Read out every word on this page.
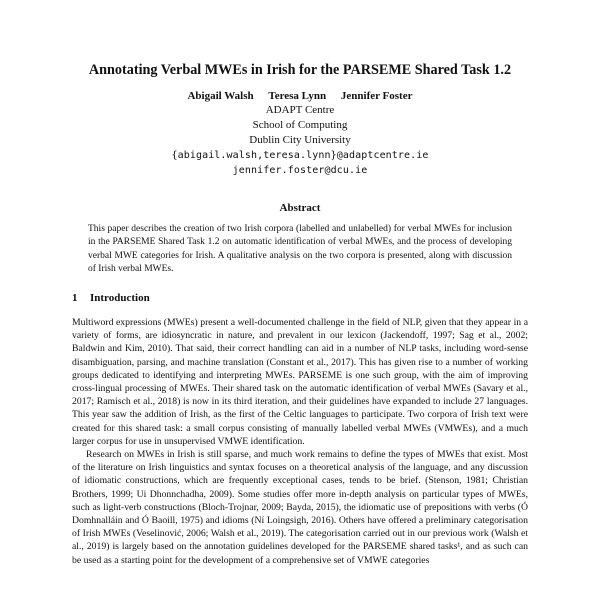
Annotating Verbal MWEs in Irish for the PARSEME Shared Task 1.2
Abigail Walsh Teresa Lynn Jennifer Foster
ADAPT Centre
School of Computing
Dublin City University
{abigail.walsh,teresa.lynn}@adaptcentre.ie
jennifer.foster@dcu.ie
Abstract
This paper describes the creation of two Irish corpora (labelled and unlabelled) for verbal MWEs for inclusion in the PARSEME Shared Task 1.2 on automatic identification of verbal MWEs, and the process of developing verbal MWE categories for Irish. A qualitative analysis on the two corpora is presented, along with discussion of Irish verbal MWEs.
1 Introduction

Multiword expressions (MWEs) present a well-documented challenge in the field of NLP, given that they appear in a variety of forms, are idiosyncratic in nature, and prevalent in our lexicon (Jackendoff, 1997; Sag et al., 2002; Baldwin and Kim, 2010). That said, their correct handling can aid in a number of NLP tasks, including word-sense disambiguation, parsing, and machine translation (Constant et al., 2017). This has given rise to a number of working groups dedicated to identifying and interpreting MWEs. PARSEME is one such group, with the aim of improving cross-lingual processing of MWEs. Their shared task on the automatic identification of verbal MWEs (Savary et al., 2017; Ramisch et al., 2018) is now in its third iteration, and their guidelines have expanded to include 27 languages. This year saw the addition of Irish, as the first of the Celtic languages to participate. Two corpora of Irish text were created for this shared task: a small corpus consisting of manually labelled verbal MWEs (VMWEs), and a much larger corpus for use in unsupervised VMWE identification.

Research on MWEs in Irish is still sparse, and much work remains to define the types of MWEs that exist. Most of the literature on Irish linguistics and syntax focuses on a theoretical analysis of the language, and any discussion of idiomatic constructions, which are frequently exceptional cases, tends to be brief. (Stenson, 1981; Christian Brothers, 1999; Ui Dhonnchadha, 2009). Some studies offer more in-depth analysis on particular types of MWEs, such as light-verb constructions (Bloch-Trojnar, 2009; Bayda, 2015), the idiomatic use of prepositions with verbs (Ó Domhnalláin and Ó Baoill, 1975) and idioms (Ní Loingsigh, 2016). Others have offered a preliminary categorisation of Irish MWEs (Veselinović, 2006; Walsh et al., 2019). The categorisation carried out in our previous work (Walsh et al., 2019) is largely based on the annotation guidelines developed for the PARSEME shared tasks¹, and as such can be used as a starting point for the development of a comprehensive set of VMWE categories
